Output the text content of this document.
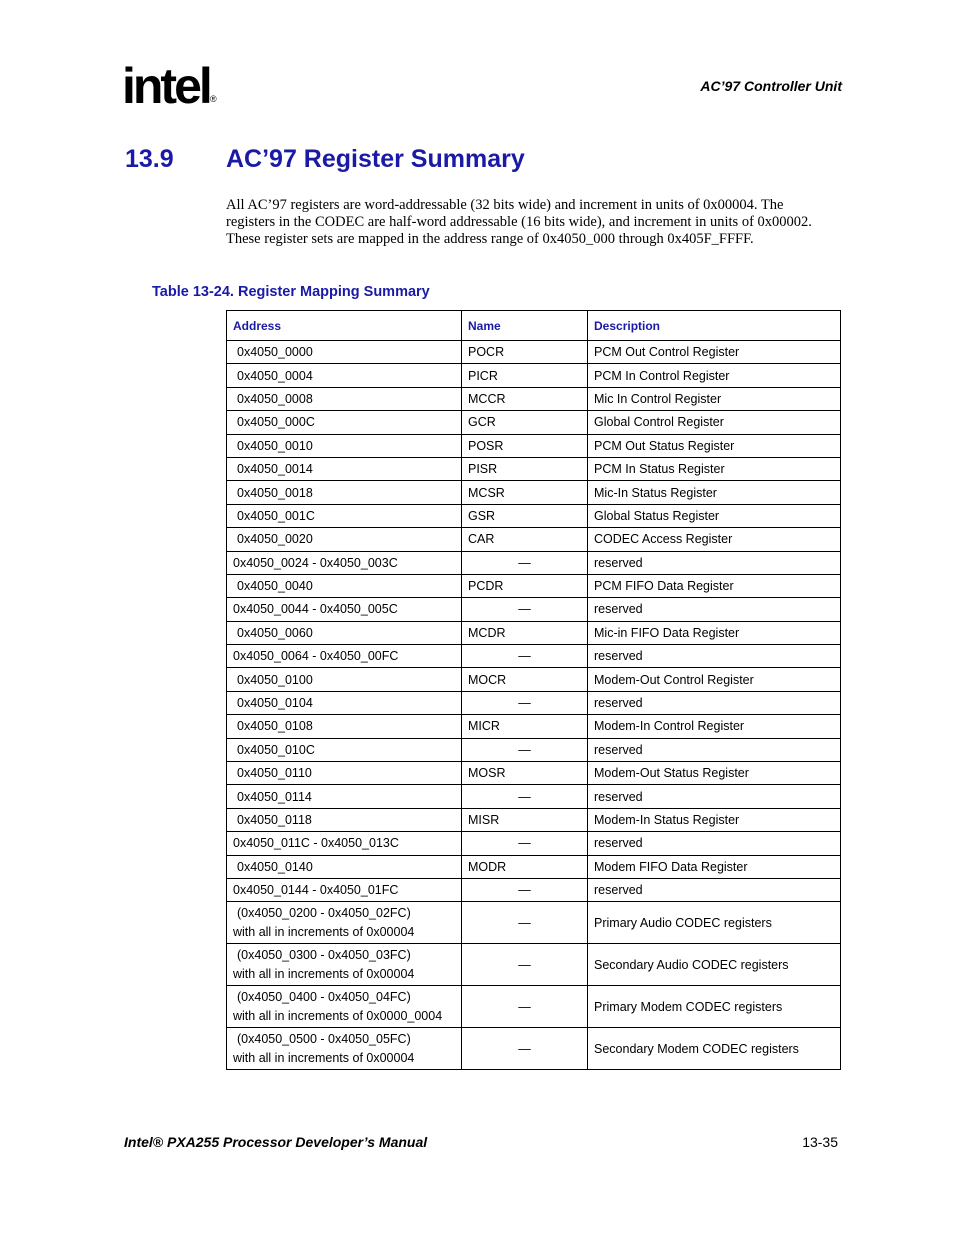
intel ®
AC’97 Controller Unit
13.9 AC’97 Register Summary

All AC’97 registers are word-addressable (32 bits wide) and increment in units of 0x00004. The registers in the CODEC are half-word addressable (16 bits wide), and increment in units of 0x00002. These register sets are mapped in the address range of 0x4050_000 through 0x405F_FFFF.

Table 13-24. Register Mapping Summary
Address	Name	Description
0x4050_0000	POCR	PCM Out Control Register
0x4050_0004	PICR	PCM In Control Register
0x4050_0008	MCCR	Mic In Control Register
0x4050_000C	GCR	Global Control Register
0x4050_0010	POSR	PCM Out Status Register
0x4050_0014	PISR	PCM In Status Register
0x4050_0018	MCSR	Mic-In Status Register
0x4050_001C	GSR	Global Status Register
0x4050_0020	CAR	CODEC Access Register
0x4050_0024 - 0x4050_003C	—	reserved
0x4050_0040	PCDR	PCM FIFO Data Register
0x4050_0044 - 0x4050_005C	—	reserved
0x4050_0060	MCDR	Mic-in FIFO Data Register
0x4050_0064 - 0x4050_00FC	—	reserved
0x4050_0100	MOCR	Modem-Out Control Register
0x4050_0104	—	reserved
0x4050_0108	MICR	Modem-In Control Register
0x4050_010C	—	reserved
0x4050_0110	MOSR	Modem-Out Status Register
0x4050_0114	—	reserved
0x4050_0118	MISR	Modem-In Status Register
0x4050_011C - 0x4050_013C	—	reserved
0x4050_0140	MODR	Modem FIFO Data Register
0x4050_0144 - 0x4050_01FC	—	reserved

(0x4050_0200 - 0x4050_02FC)
with all in increments of 0x00004	—	Primary Audio CODEC registers

(0x4050_0300 - 0x4050_03FC)
with all in increments of 0x00004	—	Secondary Audio CODEC registers

(0x4050_0400 - 0x4050_04FC)
with all in increments of 0x0000_0004	—	Primary Modem CODEC registers

(0x4050_0500 - 0x4050_05FC)
with all in increments of 0x00004	—	Secondary Modem CODEC registers
Intel® PXA255 Processor Developer’s Manual	13-35
